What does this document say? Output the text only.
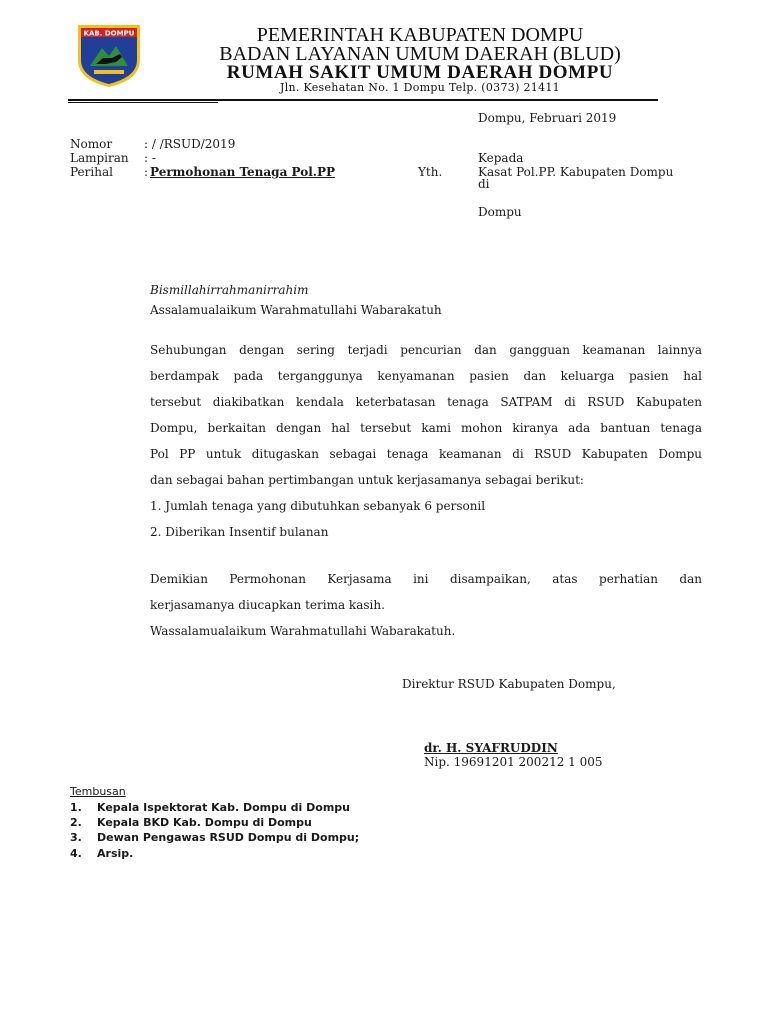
KAB. DOMPU	PEMERINTAH KABUPATEN DOMPU
BADAN LAYANAN UMUM DAERAH (BLUD)
RUMAH SAKIT UMUM DAERAH DOMPU
Jln. Kesehatan No. 1 Dompu Telp. (0373) 21411
Dompu, Februari 2019
Nomor	: / /RSUD/2019
Lampiran : -
Perihal	: Permohonan Tenaga Pol.PP	Yth.
Kepada
Kasat Pol.PP. Kabupaten Dompu
di
Dompu
Bismillahirrahmanirrahim
Assalamualaikum Warahmatullahi Wabarakatuh
Sehubungan dengan sering terjadi pencurian dan gangguan keamanan lainnya
berdampak pada terganggunya kenyamanan pasien dan keluarga pasien hal
tersebut diakibatkan kendala keterbatasan tenaga SATPAM di RSUD Kabupaten
Dompu, berkaitan dengan hal tersebut kami mohon kiranya ada bantuan tenaga
Pol PP untuk ditugaskan sebagai tenaga keamanan di RSUD Kabupaten Dompu
dan sebagai bahan pertimbangan untuk kerjasamanya sebagai berikut:
1. Jumlah tenaga yang dibutuhkan sebanyak 6 personil
2. Diberikan Insentif bulanan
Demikian Permohonan Kerjasama ini disampaikan, atas perhatian dan
kerjasamanya diucapkan terima kasih.
Wassalamualaikum Warahmatullahi Wabarakatuh.
Direktur RSUD Kabupaten Dompu,
dr. H. SYAFRUDDIN
Nip. 19691201 200212 1 005
Tembusan
1. Kepala Ispektorat Kab. Dompu di Dompu
2. Kepala BKD Kab. Dompu di Dompu
3. Dewan Pengawas RSUD Dompu di Dompu;
4. Arsip.
